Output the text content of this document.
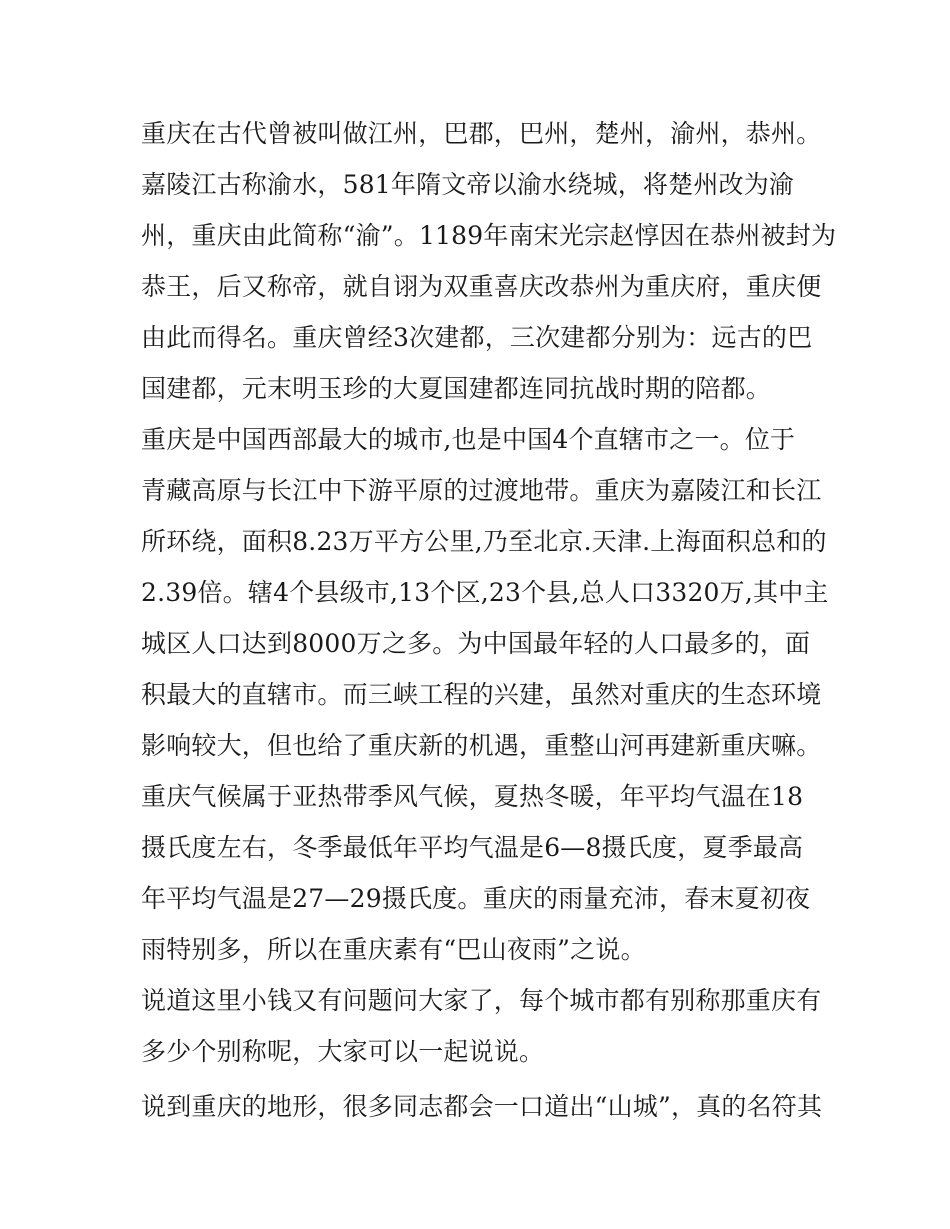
重庆在古代曾被叫做江州，巴郡，巴州，楚州，渝州，恭州。
嘉陵江古称渝水，581年隋文帝以渝水绕城，将楚州改为渝
州，重庆由此简称“渝”。1189年南宋光宗赵惇因在恭州被封为
恭王，后又称帝，就自诩为双重喜庆改恭州为重庆府，重庆便
由此而得名。重庆曾经3次建都，三次建都分别为：远古的巴
国建都，元末明玉珍的大夏国建都连同抗战时期的陪都。
重庆是中国西部最大的城市,也是中国4个直辖市之一。位于
青藏高原与长江中下游平原的过渡地带。重庆为嘉陵江和长江
所环绕，面积8.23万平方公里,乃至北京.天津.上海面积总和的
2.39倍。辖4个县级市,13个区,23个县,总人口3320万,其中主
城区人口达到8000万之多。为中国最年轻的人口最多的，面
积最大的直辖市。而三峡工程的兴建，虽然对重庆的生态环境
影响较大，但也给了重庆新的机遇，重整山河再建新重庆嘛。
重庆气候属于亚热带季风气候，夏热冬暖，年平均气温在18
摄氏度左右，冬季最低年平均气温是6—8摄氏度，夏季最高
年平均气温是27—29摄氏度。重庆的雨量充沛，春末夏初夜
雨特别多，所以在重庆素有“巴山夜雨”之说。
说道这里小钱又有问题问大家了，每个城市都有别称那重庆有
多少个别称呢，大家可以一起说说。
说到重庆的地形，很多同志都会一口道出“山城”，真的名符其
